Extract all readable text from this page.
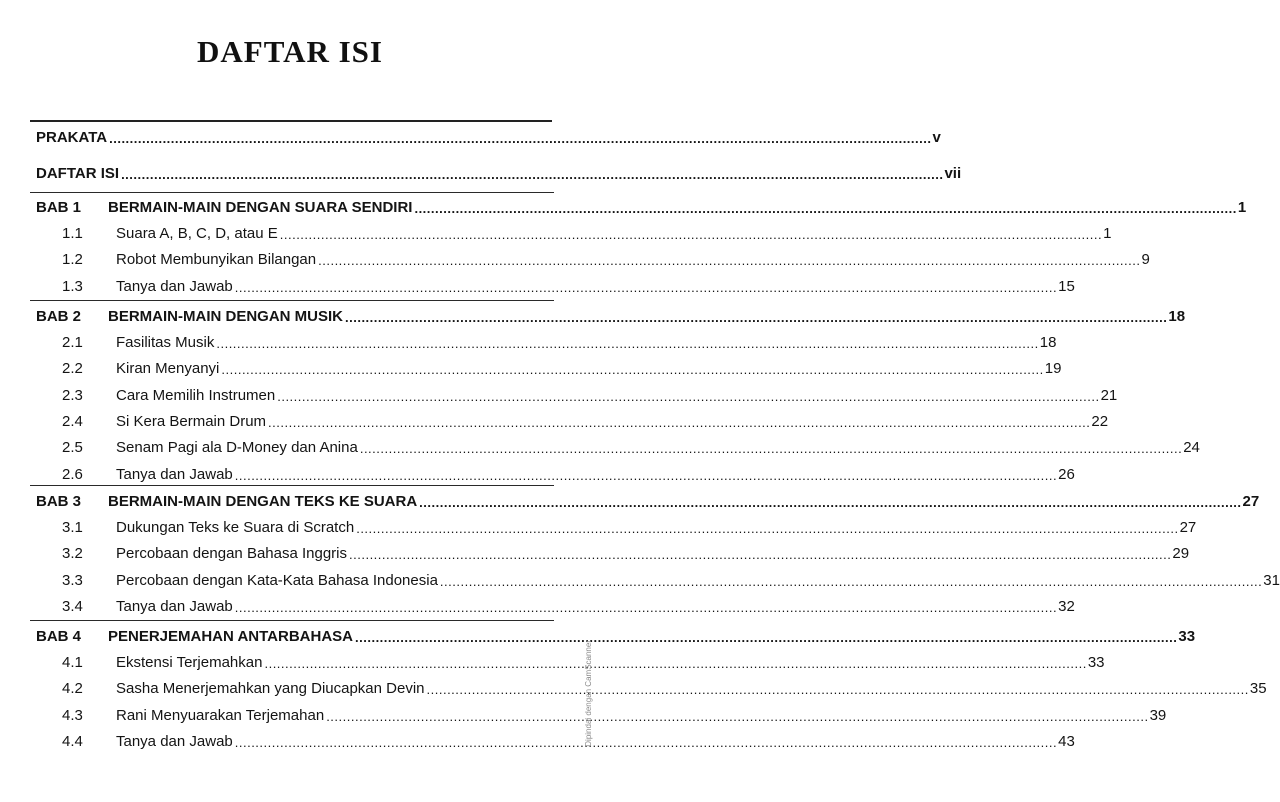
DAFTAR ISI
PRAKATA ........................................................................................................................................................................................................ v
DAFTAR ISI ........................................................................................................................................................................................................ vii
BAB 1	BERMAIN-MAIN DENGAN SUARA SENDIRI ........................................................................................................................................................................................................ 1
1.1	Suara A, B, C, D, atau E ........................................................................................................................................................................................................ 1
1.2	Robot Membunyikan Bilangan ........................................................................................................................................................................................................ 9
1.3	Tanya dan Jawab ........................................................................................................................................................................................................ 15
BAB 2	BERMAIN-MAIN DENGAN MUSIK ........................................................................................................................................................................................................ 18
2.1	Fasilitas Musik ........................................................................................................................................................................................................ 18
2.2	Kiran Menyanyi ........................................................................................................................................................................................................ 19
2.3	Cara Memilih Instrumen ........................................................................................................................................................................................................ 21
2.4	Si Kera Bermain Drum ........................................................................................................................................................................................................ 22
2.5	Senam Pagi ala D-Money dan Anina ........................................................................................................................................................................................................ 24
2.6	Tanya dan Jawab ........................................................................................................................................................................................................ 26
BAB 3	BERMAIN-MAIN DENGAN TEKS KE SUARA ........................................................................................................................................................................................................ 27
3.1	Dukungan Teks ke Suara di Scratch ........................................................................................................................................................................................................ 27
3.2	Percobaan dengan Bahasa Inggris ........................................................................................................................................................................................................ 29
3.3	Percobaan dengan Kata-Kata Bahasa Indonesia ........................................................................................................................................................................................................ 31
3.4	Tanya dan Jawab ........................................................................................................................................................................................................ 32
BAB 4	PENERJEMAHAN ANTARBAHASA ........................................................................................................................................................................................................ 33
4.1	Ekstensi Terjemahkan ........................................................................................................................................................................................................ 33
4.2	Sasha Menerjemahkan yang Diucapkan Devin ........................................................................................................................................................................................................ 35
4.3	Rani Menyuarakan Terjemahan ........................................................................................................................................................................................................ 39
4.4	Tanya dan Jawab ........................................................................................................................................................................................................ 43
Dipindai dengan CamScanner
